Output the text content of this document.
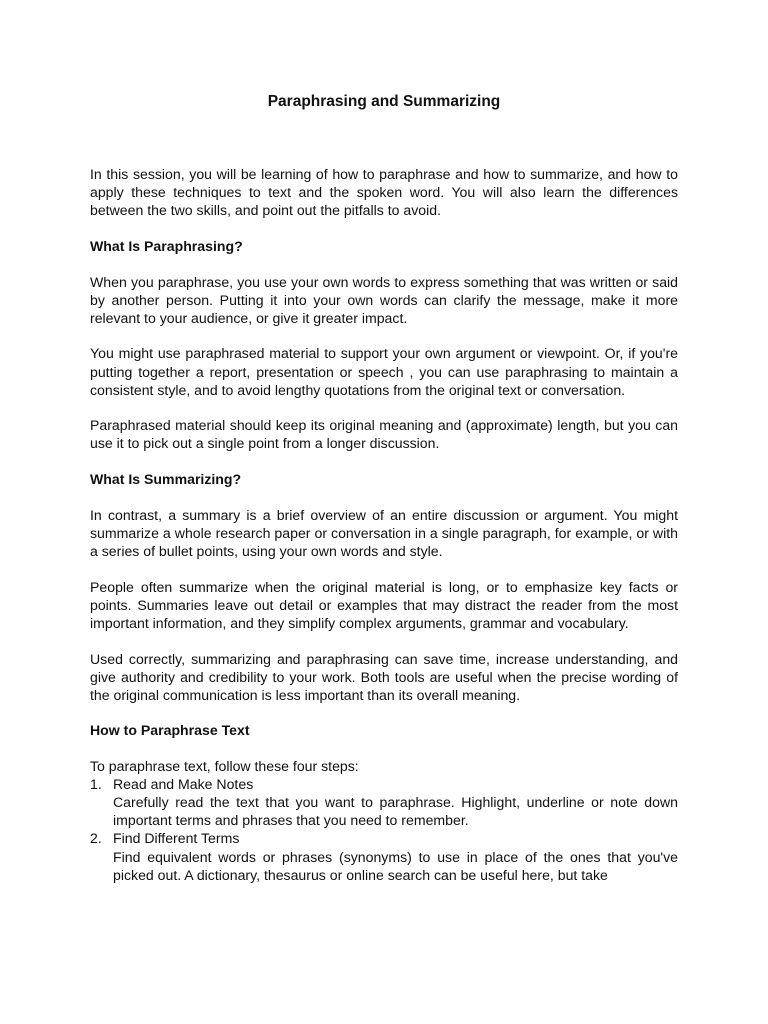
Paraphrasing and Summarizing

In this session, you will be learning of how to paraphrase and how to summarize, and how to apply these techniques to text and the spoken word. You will also learn the differences between the two skills, and point out the pitfalls to avoid.

What Is Paraphrasing?

When you paraphrase, you use your own words to express something that was written or said by another person. Putting it into your own words can clarify the message, make it more relevant to your audience, or give it greater impact.

You might use paraphrased material to support your own argument or viewpoint. Or, if you're putting together a report, presentation or speech , you can use paraphrasing to maintain a consistent style, and to avoid lengthy quotations from the original text or conversation.

Paraphrased material should keep its original meaning and (approximate) length, but you can use it to pick out a single point from a longer discussion.

What Is Summarizing?

In contrast, a summary is a brief overview of an entire discussion or argument. You might summarize a whole research paper or conversation in a single paragraph, for example, or with a series of bullet points, using your own words and style.

People often summarize when the original material is long, or to emphasize key facts or points. Summaries leave out detail or examples that may distract the reader from the most important information, and they simplify complex arguments, grammar and vocabulary.

Used correctly, summarizing and paraphrasing can save time, increase understanding, and give authority and credibility to your work. Both tools are useful when the precise wording of the original communication is less important than its overall meaning.

How to Paraphrase Text

To paraphrase text, follow these four steps:

1. Read and Make Notes
Carefully read the text that you want to paraphrase. Highlight, underline or note down important terms and phrases that you need to remember.
2. Find Different Terms
Find equivalent words or phrases (synonyms) to use in place of the ones that you've picked out. A dictionary, thesaurus or online search can be useful here, but take
